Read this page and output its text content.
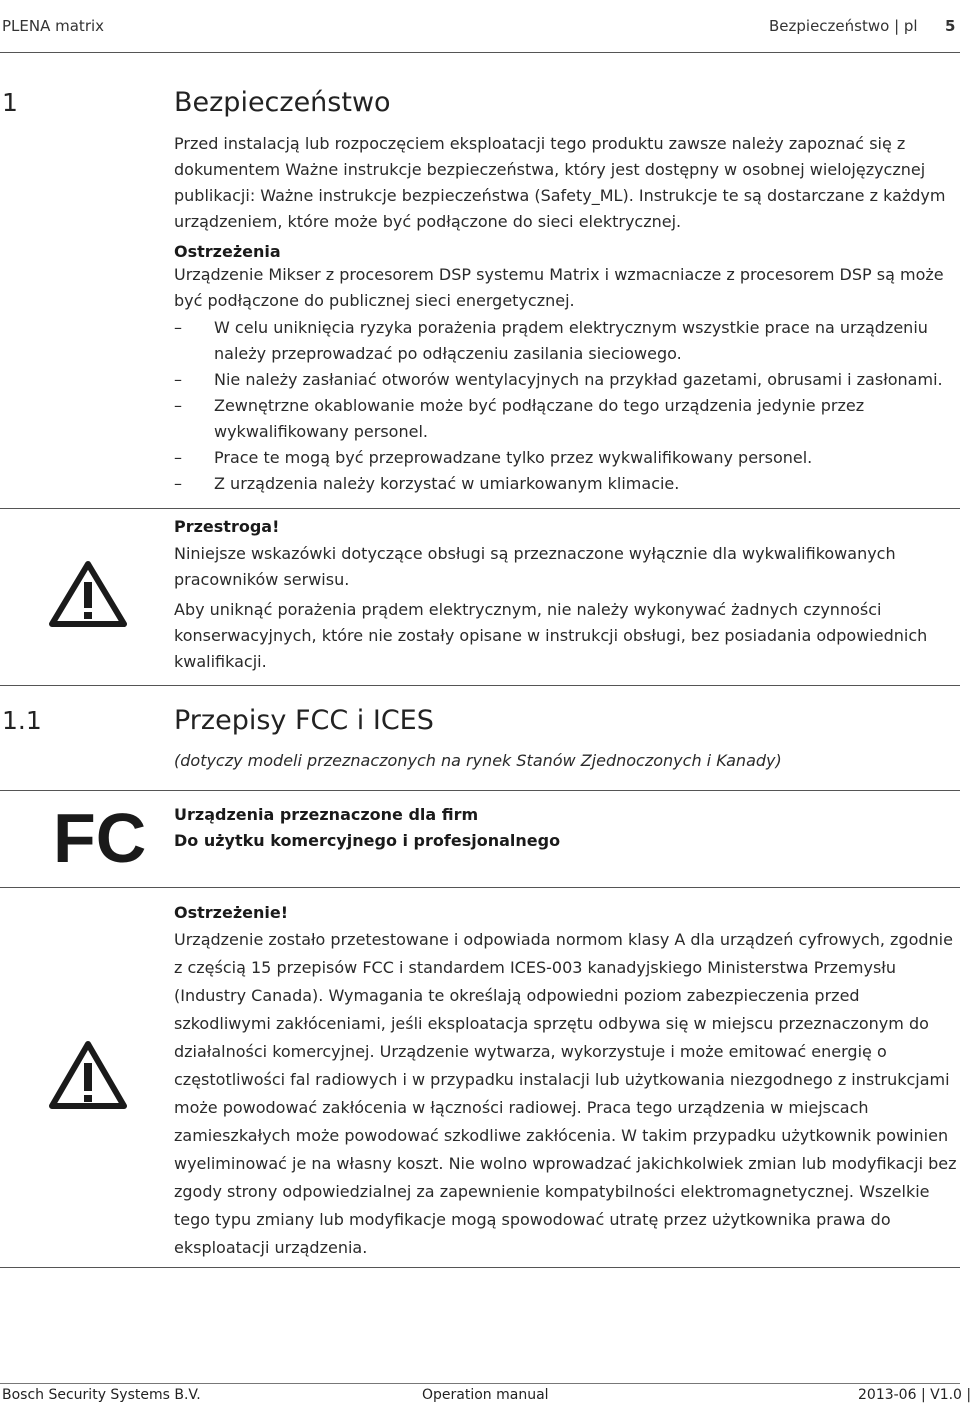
PLENA matrix	Bezpieczeństwo | pl 5
1	Bezpieczeństwo

Przed instalacją lub rozpoczęciem eksploatacji tego produktu zawsze należy zapoznać się z dokumentem Ważne instrukcje bezpieczeństwa, który jest dostępny w osobnej wielojęzycznej publikacji: Ważne instrukcje bezpieczeństwa (Safety_ML). Instrukcje te są dostarczane z każdym urządzeniem, które może być podłączone do sieci elektrycznej.

Ostrzeżenia

Urządzenie Mikser z procesorem DSP systemu Matrix i wzmacniacze z procesorem DSP są może być podłączone do publicznej sieci energetycznej.

– W celu uniknięcia ryzyka porażenia prądem elektrycznym wszystkie prace na urządzeniu należy przeprowadzać po odłączeniu zasilania sieciowego.
– Nie należy zasłaniać otworów wentylacyjnych na przykład gazetami, obrusami i zasłonami.
– Zewnętrzne okablowanie może być podłączane do tego urządzenia jedynie przez wykwalifikowany personel.
– Prace te mogą być przeprowadzane tylko przez wykwalifikowany personel.
– Z urządzenia należy korzystać w umiarkowanym klimacie.
Przestroga!

Niniejsze wskazówki dotyczące obsługi są przeznaczone wyłącznie dla wykwalifikowanych pracowników serwisu.

Aby uniknąć porażenia prądem elektrycznym, nie należy wykonywać żadnych czynności konserwacyjnych, które nie zostały opisane w instrukcji obsługi, bez posiadania odpowiednich kwalifikacji.

1.1	Przepisy FCC i ICES
(dotyczy modeli przeznaczonych na rynek Stanów Zjednoczonych i Kanady)
FC Urządzenia przeznaczone dla firm
Do użytku komercyjnego i profesjonalnego
Ostrzeżenie!

Urządzenie zostało przetestowane i odpowiada normom klasy A dla urządzeń cyfrowych, zgodnie z częścią 15 przepisów FCC i standardem ICES-003 kanadyjskiego Ministerstwa Przemysłu (Industry Canada). Wymagania te określają odpowiedni poziom zabezpieczenia przed szkodliwymi zakłóceniami, jeśli eksploatacja sprzętu odbywa się w miejscu przeznaczonym do działalności komercyjnej. Urządzenie wytwarza, wykorzystuje i może emitować energię o częstotliwości fal radiowych i w przypadku instalacji lub użytkowania niezgodnego z instrukcjami może powodować zakłócenia w łączności radiowej. Praca tego urządzenia w miejscach zamieszkałych może powodować szkodliwe zakłócenia. W takim przypadku użytkownik powinien wyeliminować je na własny koszt. Nie wolno wprowadzać jakichkolwiek zmian lub modyfikacji bez zgody strony odpowiedzialnej za zapewnienie kompatybilności elektromagnetycznej. Wszelkie tego typu zmiany lub modyfikacje mogą spowodować utratę przez użytkownika prawa do eksploatacji urządzenia.

Bosch Security Systems B.V.	Operation manual	2013-06 | V1.0 |
